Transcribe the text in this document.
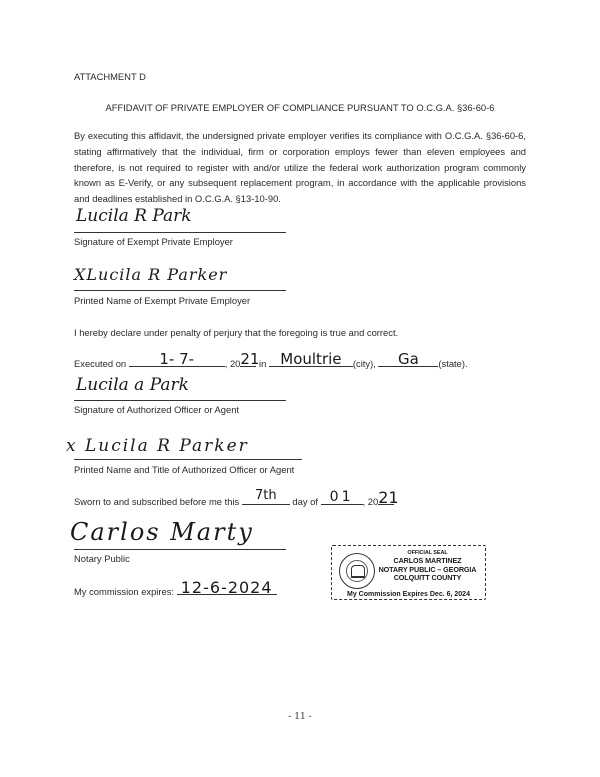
ATTACHMENT D
AFFIDAVIT OF PRIVATE EMPLOYER OF COMPLIANCE PURSUANT TO O.C.G.A. §36-60-6
By executing this affidavit, the undersigned private employer verifies its compliance with O.C.G.A. §36-60-6, stating affirmatively that the individual, firm or corporation employs fewer than eleven employees and therefore, is not required to register with and/or utilize the federal work authorization program commonly known as E-Verify, or any subsequent replacement program, in accordance with the applicable provisions and deadlines established in O.C.G.A. §13-10-90.
Lucila R Park
Signature of Exempt Private Employer
XLucila R Parker
Printed Name of Exempt Private Employer
I hereby declare under penalty of perjury that the foregoing is true and correct.
Executed on	1- 7-	, 20 21 in Moultrie	(city),	Ga	(state).
Lucila a Park
Signature of Authorized Officer or Agent
x Lucila R Parker
Printed Name and Title of Authorized Officer or Agent
Sworn to and subscribed before me this	7th	day of 01 , 20 21
Carlos Marty
Notary Public
My commission expires: 12-6-2024
OFFICIAL SEAL
CARLOS MARTINEZ
NOTARY PUBLIC – GEORGIA
COLQUITT COUNTY
My Commission Expires Dec. 6, 2024
- 11 -
